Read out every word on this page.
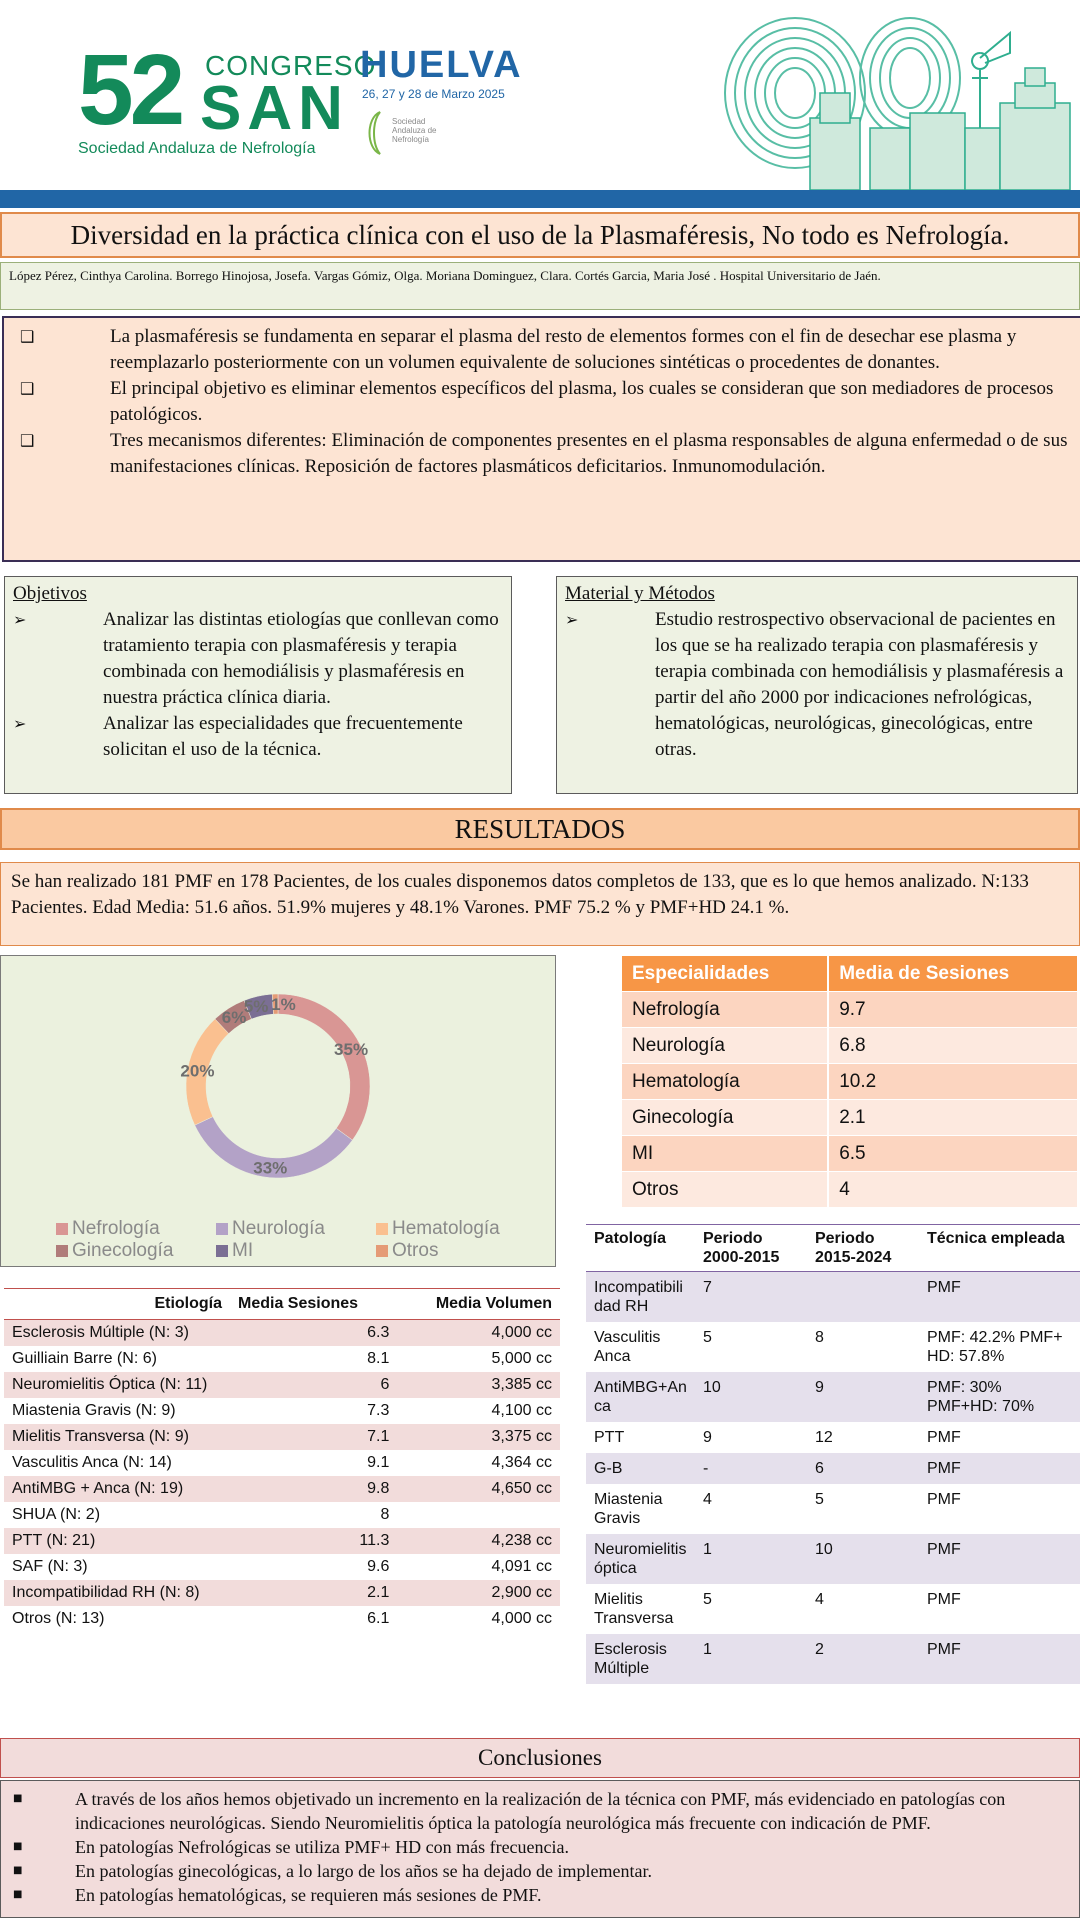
52 CONGRESO
SAN
Sociedad Andaluza de Nefrología
HUELVA
26, 27 y 28 de Marzo 2025
Sociedad Andaluza de Nefrología
Diversidad en la práctica clínica con el uso de la Plasmaféresis, No todo es Nefrología.
López Pérez, Cinthya Carolina. Borrego Hinojosa, Josefa. Vargas Gómiz, Olga. Moriana Dominguez, Clara. Cortés Garcia, Maria José . Hospital Universitario de Jaén.
❑	La plasmaféresis se fundamenta en separar el plasma del resto de elementos formes con el fin de desechar ese plasma y reemplazarlo posteriormente con un volumen equivalente de soluciones sintéticas o procedentes de donantes.
❑	El principal objetivo es eliminar elementos específicos del plasma, los cuales se consideran que son mediadores de procesos patológicos.
❑	Tres mecanismos diferentes: Eliminación de componentes presentes en el plasma responsables de alguna enfermedad o de sus manifestaciones clínicas. Reposición de factores plasmáticos deficitarios. Inmunomodulación.
Objetivos
➢	Analizar las distintas etiologías que conllevan como tratamiento terapia con plasmaféresis y terapia combinada con hemodiálisis y plasmaféresis en nuestra práctica clínica diaria.
➢	Analizar las especialidades que frecuentemente solicitan el uso de la técnica.
Material y Métodos
➢	Estudio restrospectivo observacional de pacientes en los que se ha realizado terapia con plasmaféresis y terapia combinada con hemodiálisis y plasmaféresis a partir del año 2000 por indicaciones nefrológicas, hematológicas, neurológicas, ginecológicas, entre otras.
RESULTADOS
Se han realizado 181 PMF en 178 Pacientes, de los cuales disponemos datos completos de 133, que es lo que hemos analizado. N:133 Pacientes. Edad Media: 51.6 años. 51.9% mujeres y 48.1% Varones. PMF 75.2 % y PMF+HD 24.1 %.
35%
33%
20%
6%
5% 1%
Nefrología	Neurología	Hematología
Ginecología	MI	Otros
Especialidades	Media de Sesiones
Nefrología	9.7
Neurología	6.8
Hematología	10.2
Ginecología	2.1
MI	6.5
Otros	4
Etiología	Media Sesiones	Media Volumen
Esclerosis Múltiple (N: 3)	6.3	4,000 cc
Guilliain Barre (N: 6)	8.1	5,000 cc
Neuromielitis Óptica (N: 11)	6	3,385 cc
Miastenia Gravis (N: 9)	7.3	4,100 cc
Mielitis Transversa (N: 9)	7.1	3,375 cc
Vasculitis Anca (N: 14)	9.1	4,364 cc
AntiMBG + Anca (N: 19)	9.8	4,650 cc
SHUA (N: 2)	8	
PTT (N: 21)	11.3	4,238 cc
SAF (N: 3)	9.6	4,091 cc
Incompatibilidad RH (N: 8)	2.1	2,900 cc
Otros (N: 13)	6.1	4,000 cc
Patología	Periodo 2000-2015	Periodo 2015-2024	Técnica empleada
Incompatibili dad RH	7		PMF
Vasculitis Anca	5	8	PMF: 42.2% PMF+ HD: 57.8%
AntiMBG+An ca	10	9	PMF: 30% PMF+HD: 70%
PTT	9	12	PMF
G-B	-	6	PMF
Miastenia Gravis	4	5	PMF
Neuromielitis óptica	1	10	PMF
Mielitis Transversa	5	4	PMF
Esclerosis Múltiple	1	2	PMF
Conclusiones
■	A través de los años hemos objetivado un incremento en la realización de la técnica con PMF, más evidenciado en patologías con indicaciones neurológicas. Siendo Neuromielitis óptica la patología neurológica más frecuente con indicación de PMF.
■	En patologías Nefrológicas se utiliza PMF+ HD con más frecuencia.
■	En patologías ginecológicas, a lo largo de los años se ha dejado de implementar.
■	En patologías hematológicas, se requieren más sesiones de PMF.
